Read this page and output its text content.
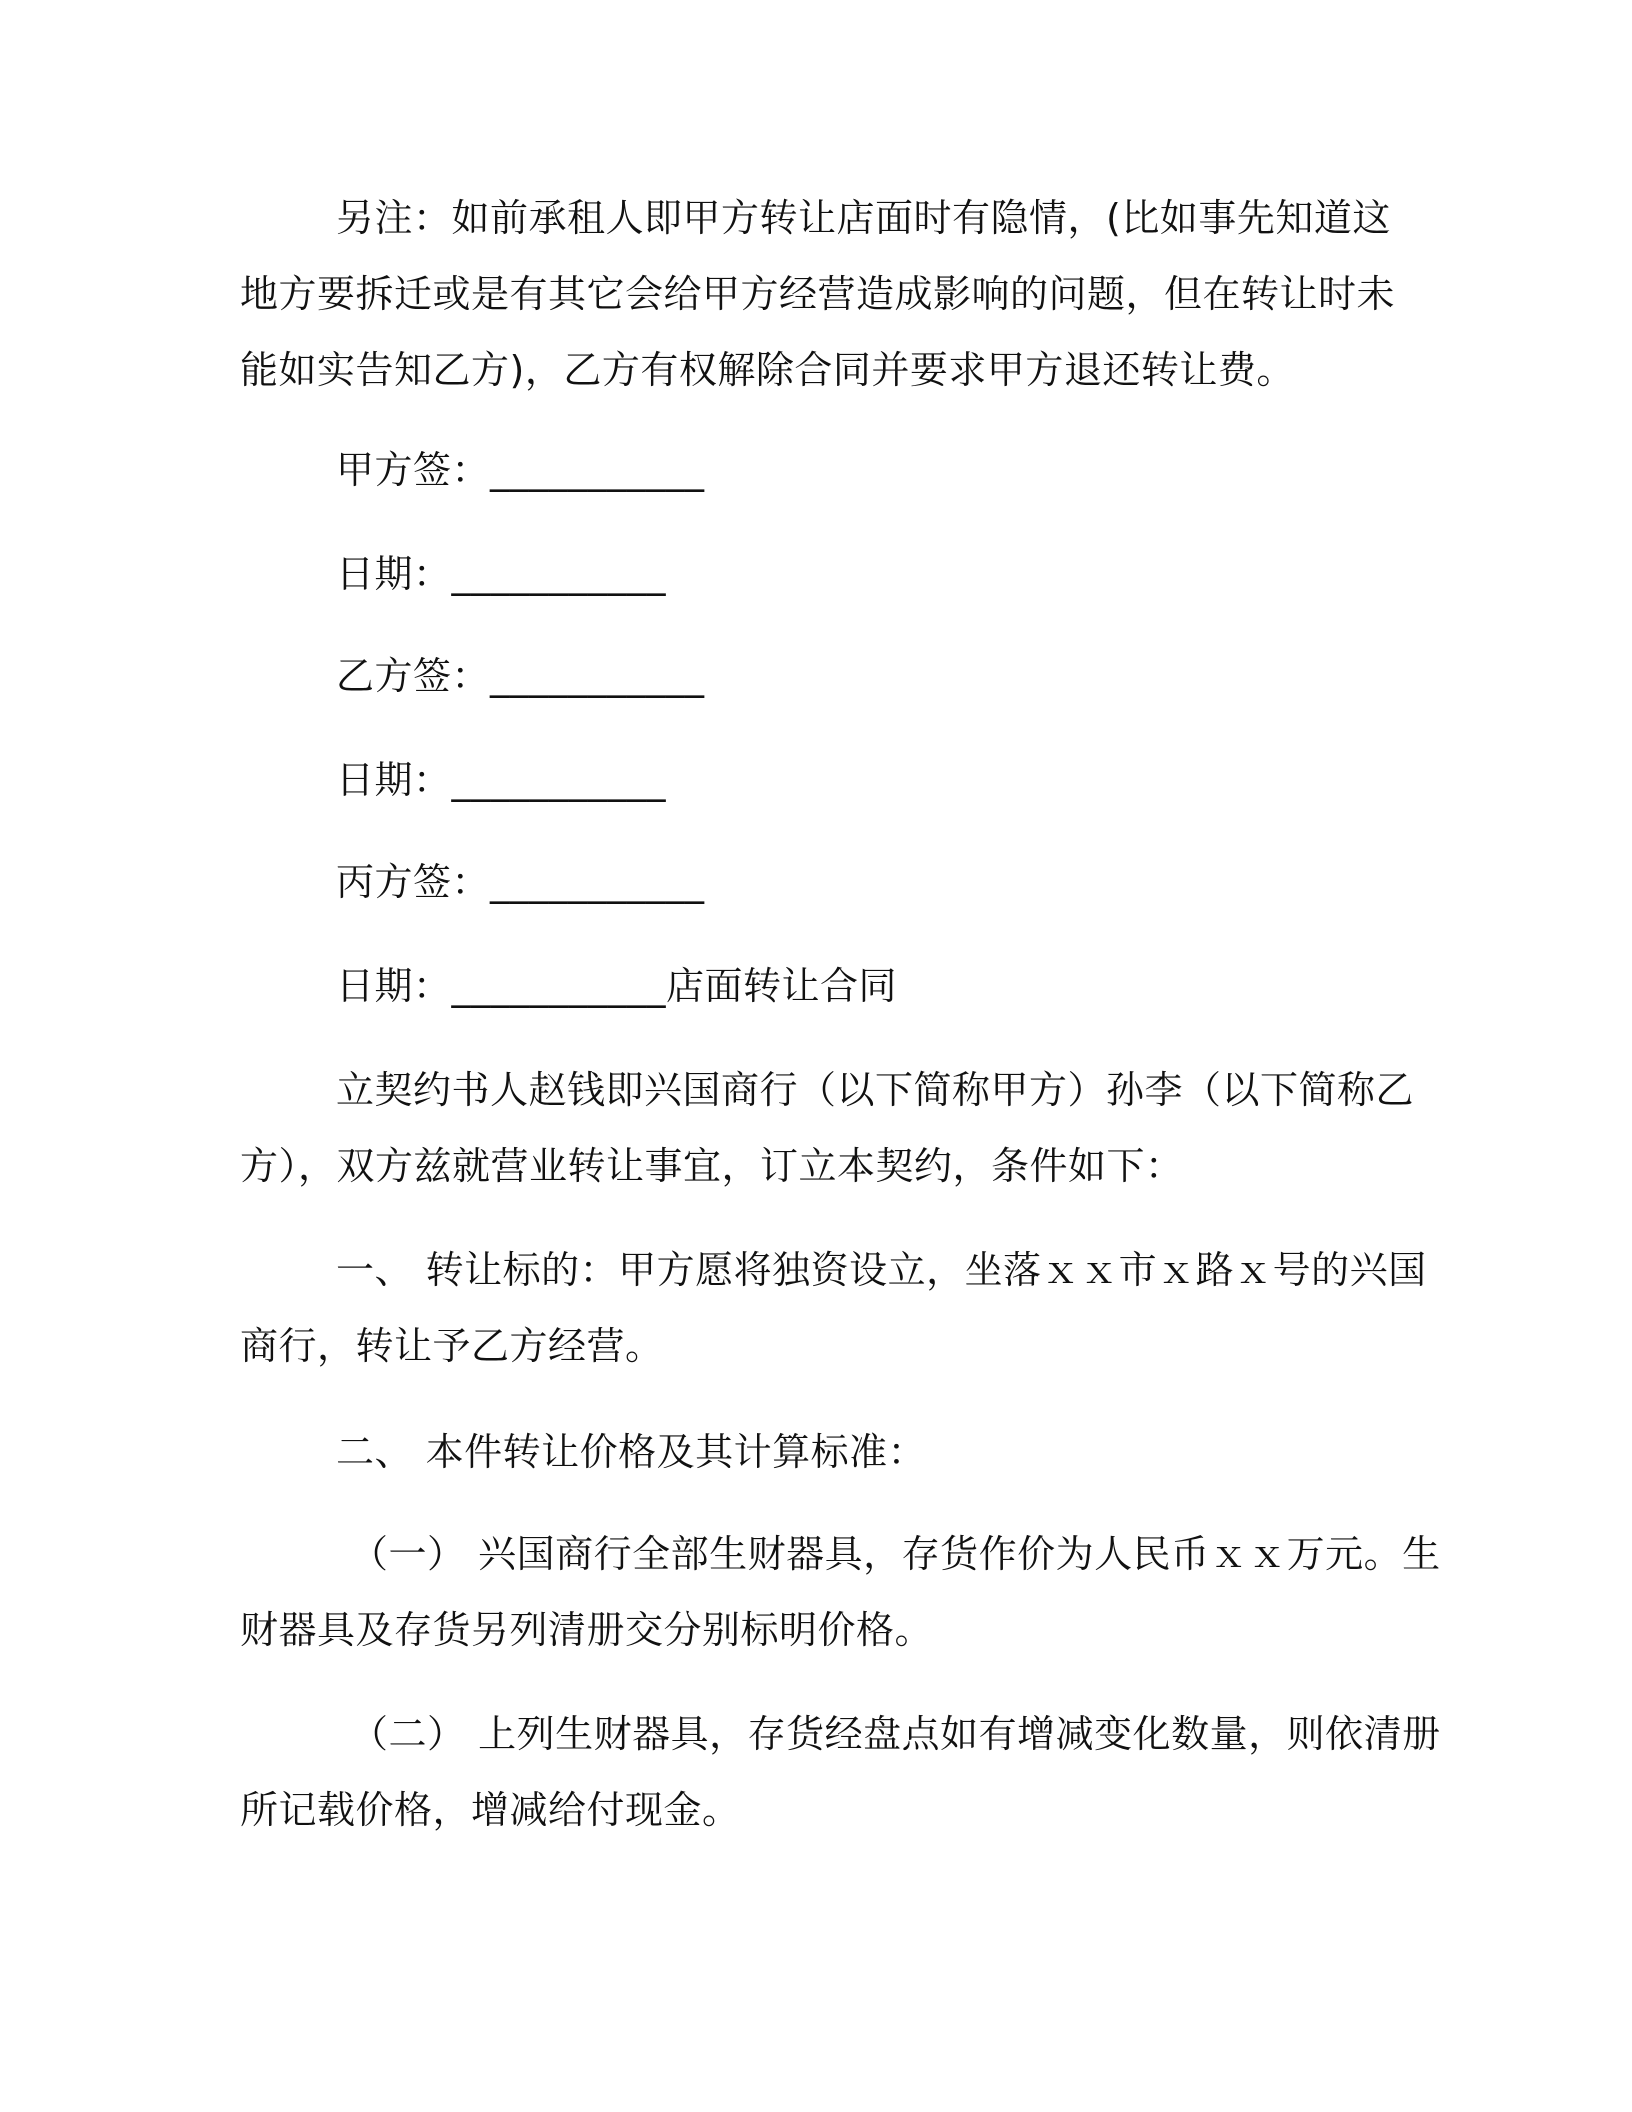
另注：如前承租人即甲方转让店面时有隐情，(比如事先知道这
地方要拆迁或是有其它会给甲方经营造成影响的问题，但在转让时未
能如实告知乙方)，乙方有权解除合同并要求甲方退还转让费。
甲方签：___________
日期：___________
乙方签：___________
日期：___________
丙方签：___________
日期：___________店面转让合同
立契约书人赵钱即兴国商行（以下简称甲方）孙李（以下简称乙
方），双方兹就营业转让事宜，订立本契约，条件如下：
一、 转让标的：甲方愿将独资设立，坐落ｘｘ市ｘ路ｘ号的兴国
商行，转让予乙方经营。
二、 本件转让价格及其计算标准：
（一） 兴国商行全部生财器具，存货作价为人民币ｘｘ万元。生
财器具及存货另列清册交分别标明价格。
（二） 上列生财器具，存货经盘点如有增减变化数量，则依清册
所记载价格，增减给付现金。
